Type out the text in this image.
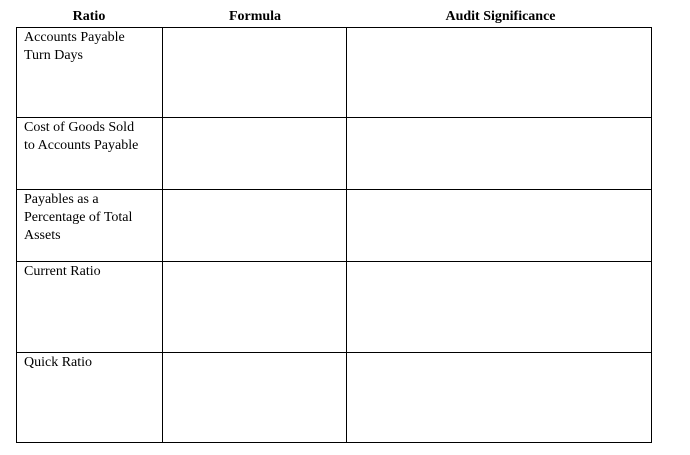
Ratio	Formula	Audit Significance
Accounts Payable
Turn Days		

Cost of Goods Sold
to Accounts Payable		

Payables as a
Percentage of Total
Assets		

Current Ratio		

Quick Ratio		
